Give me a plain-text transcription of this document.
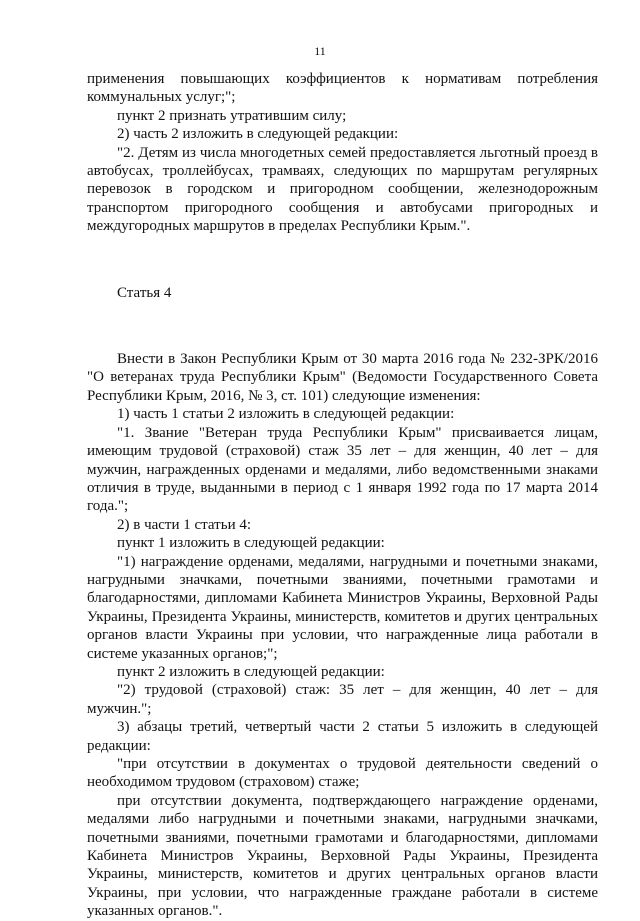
11

применения повышающих коэффициентов к нормативам потребления коммунальных услуг;";

пункт 2 признать утратившим силу;

2) часть 2 изложить в следующей редакции:

"2. Детям из числа многодетных семей предоставляется льготный проезд в автобусах, троллейбусах, трамваях, следующих по маршрутам регулярных перевозок в городском и пригородном сообщении, железнодорожным транспортом пригородного сообщения и автобусами пригородных и междугородных маршрутов в пределах Республики Крым.".

Статья 4

Внести в Закон Республики Крым от 30 марта 2016 года № 232-ЗРК/2016 "О ветеранах труда Республики Крым" (Ведомости Государственного Совета Республики Крым, 2016, № 3, ст. 101) следующие изменения:

1) часть 1 статьи 2 изложить в следующей редакции:

"1. Звание "Ветеран труда Республики Крым" присваивается лицам, имеющим трудовой (страховой) стаж 35 лет – для женщин, 40 лет – для мужчин, награжденных орденами и медалями, либо ведомственными знаками отличия в труде, выданными в период с 1 января 1992 года по 17 марта 2014 года.";

2) в части 1 статьи 4:

пункт 1 изложить в следующей редакции:

"1) награждение орденами, медалями, нагрудными и почетными знаками, нагрудными значками, почетными званиями, почетными грамотами и благодарностями, дипломами Кабинета Министров Украины, Верховной Рады Украины, Президента Украины, министерств, комитетов и других центральных органов власти Украины при условии, что награжденные лица работали в системе указанных органов;";

пункт 2 изложить в следующей редакции:

"2) трудовой (страховой) стаж: 35 лет – для женщин, 40 лет – для мужчин.";

3) абзацы третий, четвертый части 2 статьи 5 изложить в следующей редакции:

"при отсутствии в документах о трудовой деятельности сведений о необходимом трудовом (страховом) стаже;

при отсутствии документа, подтверждающего награждение орденами, медалями либо нагрудными и почетными знаками, нагрудными значками, почетными званиями, почетными грамотами и благодарностями, дипломами Кабинета Министров Украины, Верховной Рады Украины, Президента Украины, министерств, комитетов и других центральных органов власти Украины, при условии, что награжденные граждане работали в системе указанных органов.".
